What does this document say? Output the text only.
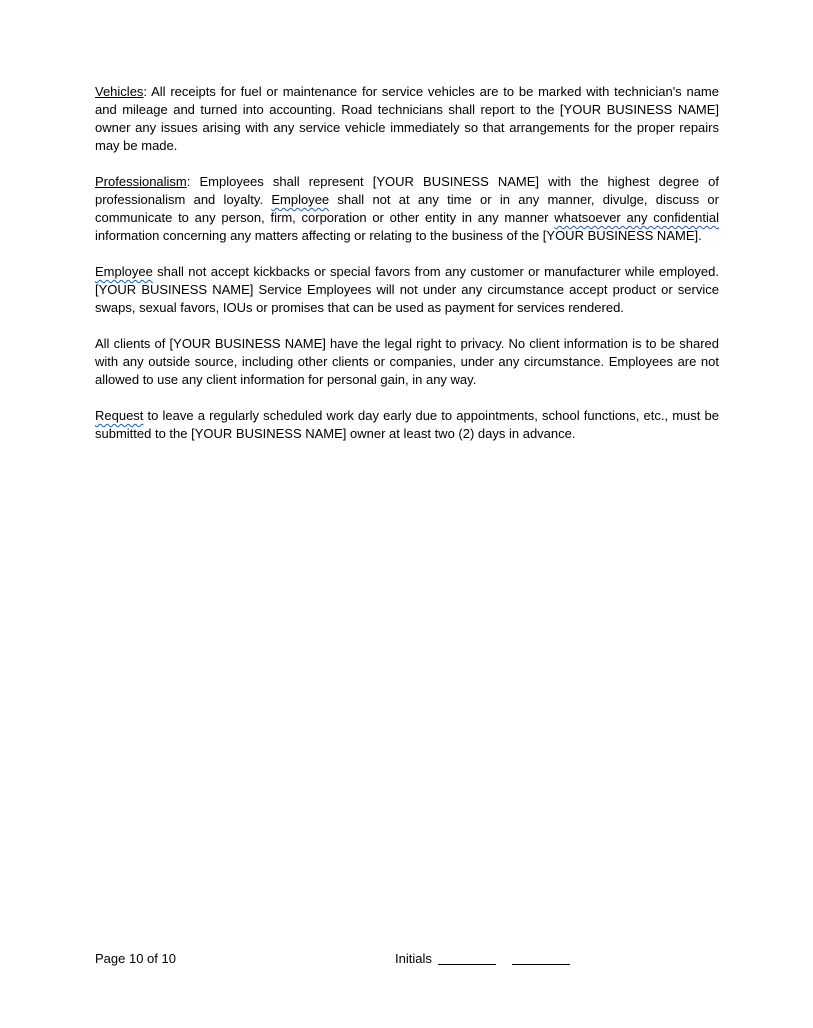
Vehicles: All receipts for fuel or maintenance for service vehicles are to be marked with technician's name and mileage and turned into accounting. Road technicians shall report to the [YOUR BUSINESS NAME] owner any issues arising with any service vehicle immediately so that arrangements for the proper repairs may be made.

Professionalism: Employees shall represent [YOUR BUSINESS NAME] with the highest degree of professionalism and loyalty. Employee shall not at any time or in any manner, divulge, discuss or communicate to any person, firm, corporation or other entity in any manner whatsoever any confidential information concerning any matters affecting or relating to the business of the [YOUR BUSINESS NAME].

Employee shall not accept kickbacks or special favors from any customer or manufacturer while employed. [YOUR BUSINESS NAME] Service Employees will not under any circumstance accept product or service swaps, sexual favors, IOUs or promises that can be used as payment for services rendered.

All clients of [YOUR BUSINESS NAME] have the legal right to privacy. No client information is to be shared with any outside source, including other clients or companies, under any circumstance. Employees are not allowed to use any client information for personal gain, in any way.

Request to leave a regularly scheduled work day early due to appointments, school functions, etc., must be submitted to the [YOUR BUSINESS NAME] owner at least two (2) days in advance.

Page 10 of 10	Initials
